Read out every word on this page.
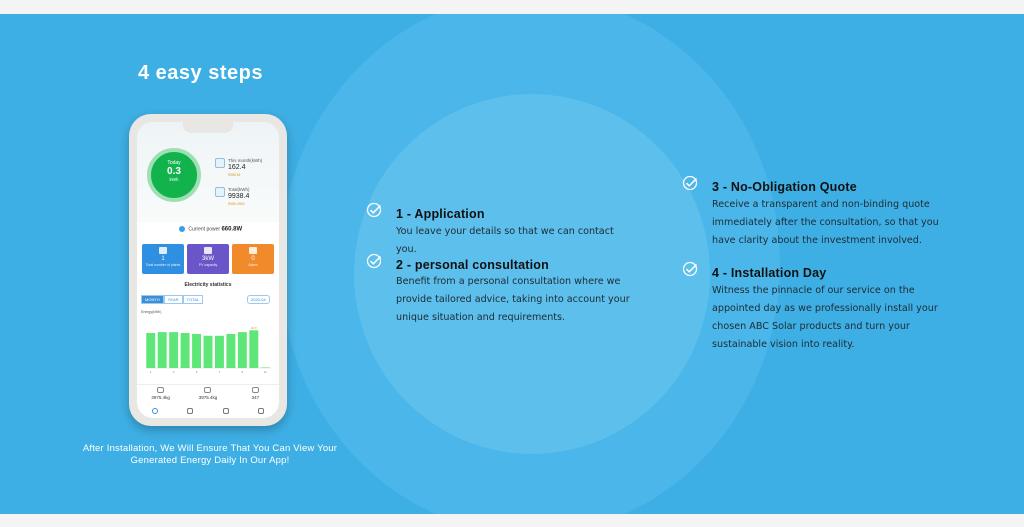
4 easy steps
Today
0.3
kWh
This month(kWh)
162.4
RMB 81
Total(kWh)
9938.4
RMB 4969
Current power 660.8W
1
Total number of plants
3kW
PV capacity
0
Alarm
Electricity statistics
MONTH	YEAR	TOTAL	2020-04
Energy(kWh)
1	3	5	7	9	11
20.8
3975.4kg	3975.4kg	347
After Installation, We Will Ensure That You Can View Your Generated Energy Daily In Our App!
1 - Application
You leave your details so that we can contact you.
2 - personal consultation
Benefit from a personal consultation where we provide tailored advice, taking into account your unique situation and requirements.
3 - No-Obligation Quote
Receive a transparent and non-binding quote immediately after the consultation, so that you have clarity about the investment involved.
4 - Installation Day
Witness the pinnacle of our service on the appointed day as we professionally install your chosen ABC Solar products and turn your sustainable vision into reality.
